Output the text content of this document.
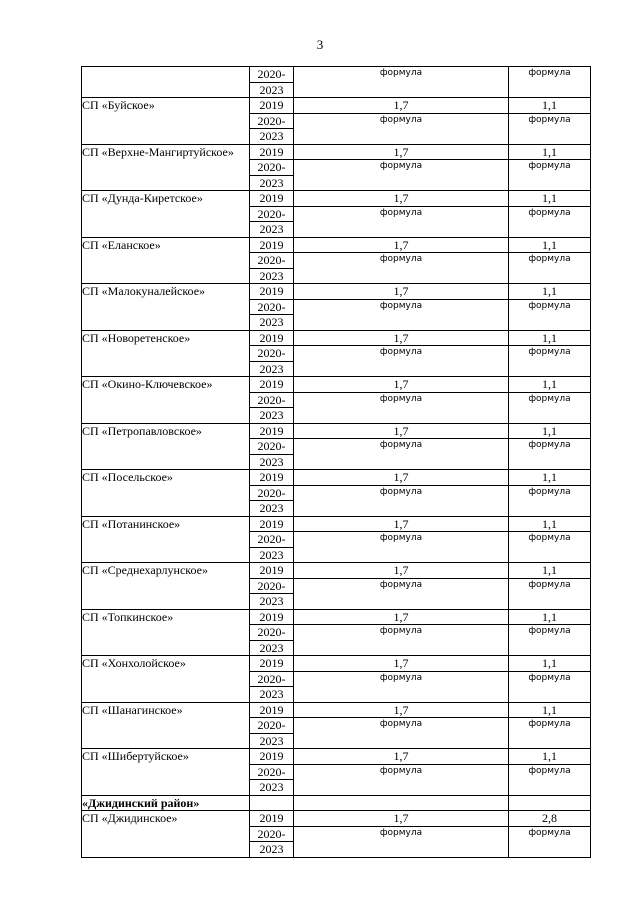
3
	2020-	формула	формула
	2023		
СП «Буйское»	2019	1,7	1,1
	2020-	формула	формула
	2023		
СП «Верхне-Мангиртуйское»	2019	1,7	1,1
	2020-	формула	формула
	2023		
СП «Дунда-Киретское»	2019	1,7	1,1
	2020-	формула	формула
	2023		
СП «Еланское»	2019	1,7	1,1
	2020-	формула	формула
	2023		
СП «Малокуналейское»	2019	1,7	1,1
	2020-	формула	формула
	2023		
СП «Новоретенское»	2019	1,7	1,1
	2020-	формула	формула
	2023		
СП «Окино-Ключевское»	2019	1,7	1,1
	2020-	формула	формула
	2023		
СП «Петропавловское»	2019	1,7	1,1
	2020-	формула	формула
	2023		
СП «Посельское»	2019	1,7	1,1
	2020-	формула	формула
	2023		
СП «Потанинское»	2019	1,7	1,1
	2020-	формула	формула
	2023		
СП «Среднехарлунское»	2019	1,7	1,1
	2020-	формула	формула
	2023		
СП «Топкинское»	2019	1,7	1,1
	2020-	формула	формула
	2023		
СП «Хонхолойское»	2019	1,7	1,1
	2020-	формула	формула
	2023		
СП «Шанагинское»	2019	1,7	1,1
	2020-	формула	формула
	2023		
СП «Шибертуйское»	2019	1,7	1,1
	2020-	формула	формула
	2023		
«Джидинский район»			
СП «Джидинское»	2019	1,7	2,8
	2020-	формула	формула
	2023		
